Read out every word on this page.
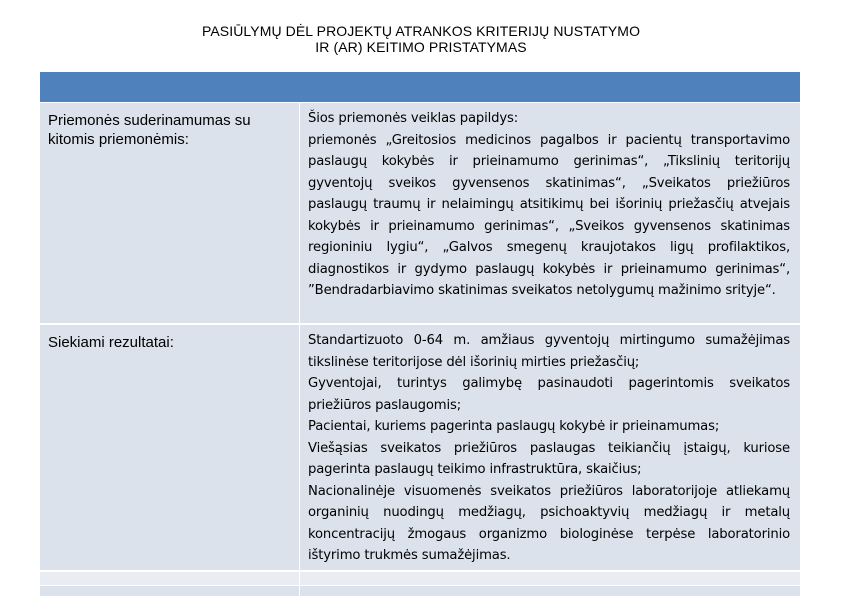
PASIŪLYMŲ DĖL PROJEKTŲ ATRANKOS KRITERIJŲ NUSTATYMO
IR (AR) KEITIMO PRISTATYMAS
Priemonės suderinamumas su kitomis priemonėmis:
Šios priemonės veiklas papildys:
priemonės „Greitosios medicinos pagalbos ir pacientų transportavimo paslaugų kokybės ir prieinamumo gerinimas“, „Tikslinių teritorijų gyventojų sveikos gyvensenos skatinimas“, „Sveikatos priežiūros paslaugų traumų ir nelaimingų atsitikimų bei išorinių priežasčių atvejais kokybės ir prieinamumo gerinimas“, „Sveikos gyvensenos skatinimas regioniniu lygiu“, „Galvos smegenų kraujotakos ligų profilaktikos, diagnostikos ir gydymo paslaugų kokybės ir prieinamumo gerinimas“, ”Bendradarbiavimo skatinimas sveikatos netolygumų mažinimo srityje“.
Siekiami rezultatai:	Standartizuoto 0-64 m. amžiaus gyventojų mirtingumo sumažėjimas tikslinėse teritorijose dėl išorinių mirties priežasčių;
Gyventojai, turintys galimybę pasinaudoti pagerintomis sveikatos priežiūros paslaugomis;
Pacientai, kuriems pagerinta paslaugų kokybė ir prieinamumas;
Viešąsias sveikatos priežiūros paslaugas teikiančių įstaigų, kuriose pagerinta paslaugų teikimo infrastruktūra, skaičius;
Nacionalinėje visuomenės sveikatos priežiūros laboratorijoje atliekamų organinių nuodingų medžiagų, psichoaktyvių medžiagų ir metalų koncentracijų žmogaus organizmo biologinėse terpėse laboratorinio ištyrimo trukmės sumažėjimas.
